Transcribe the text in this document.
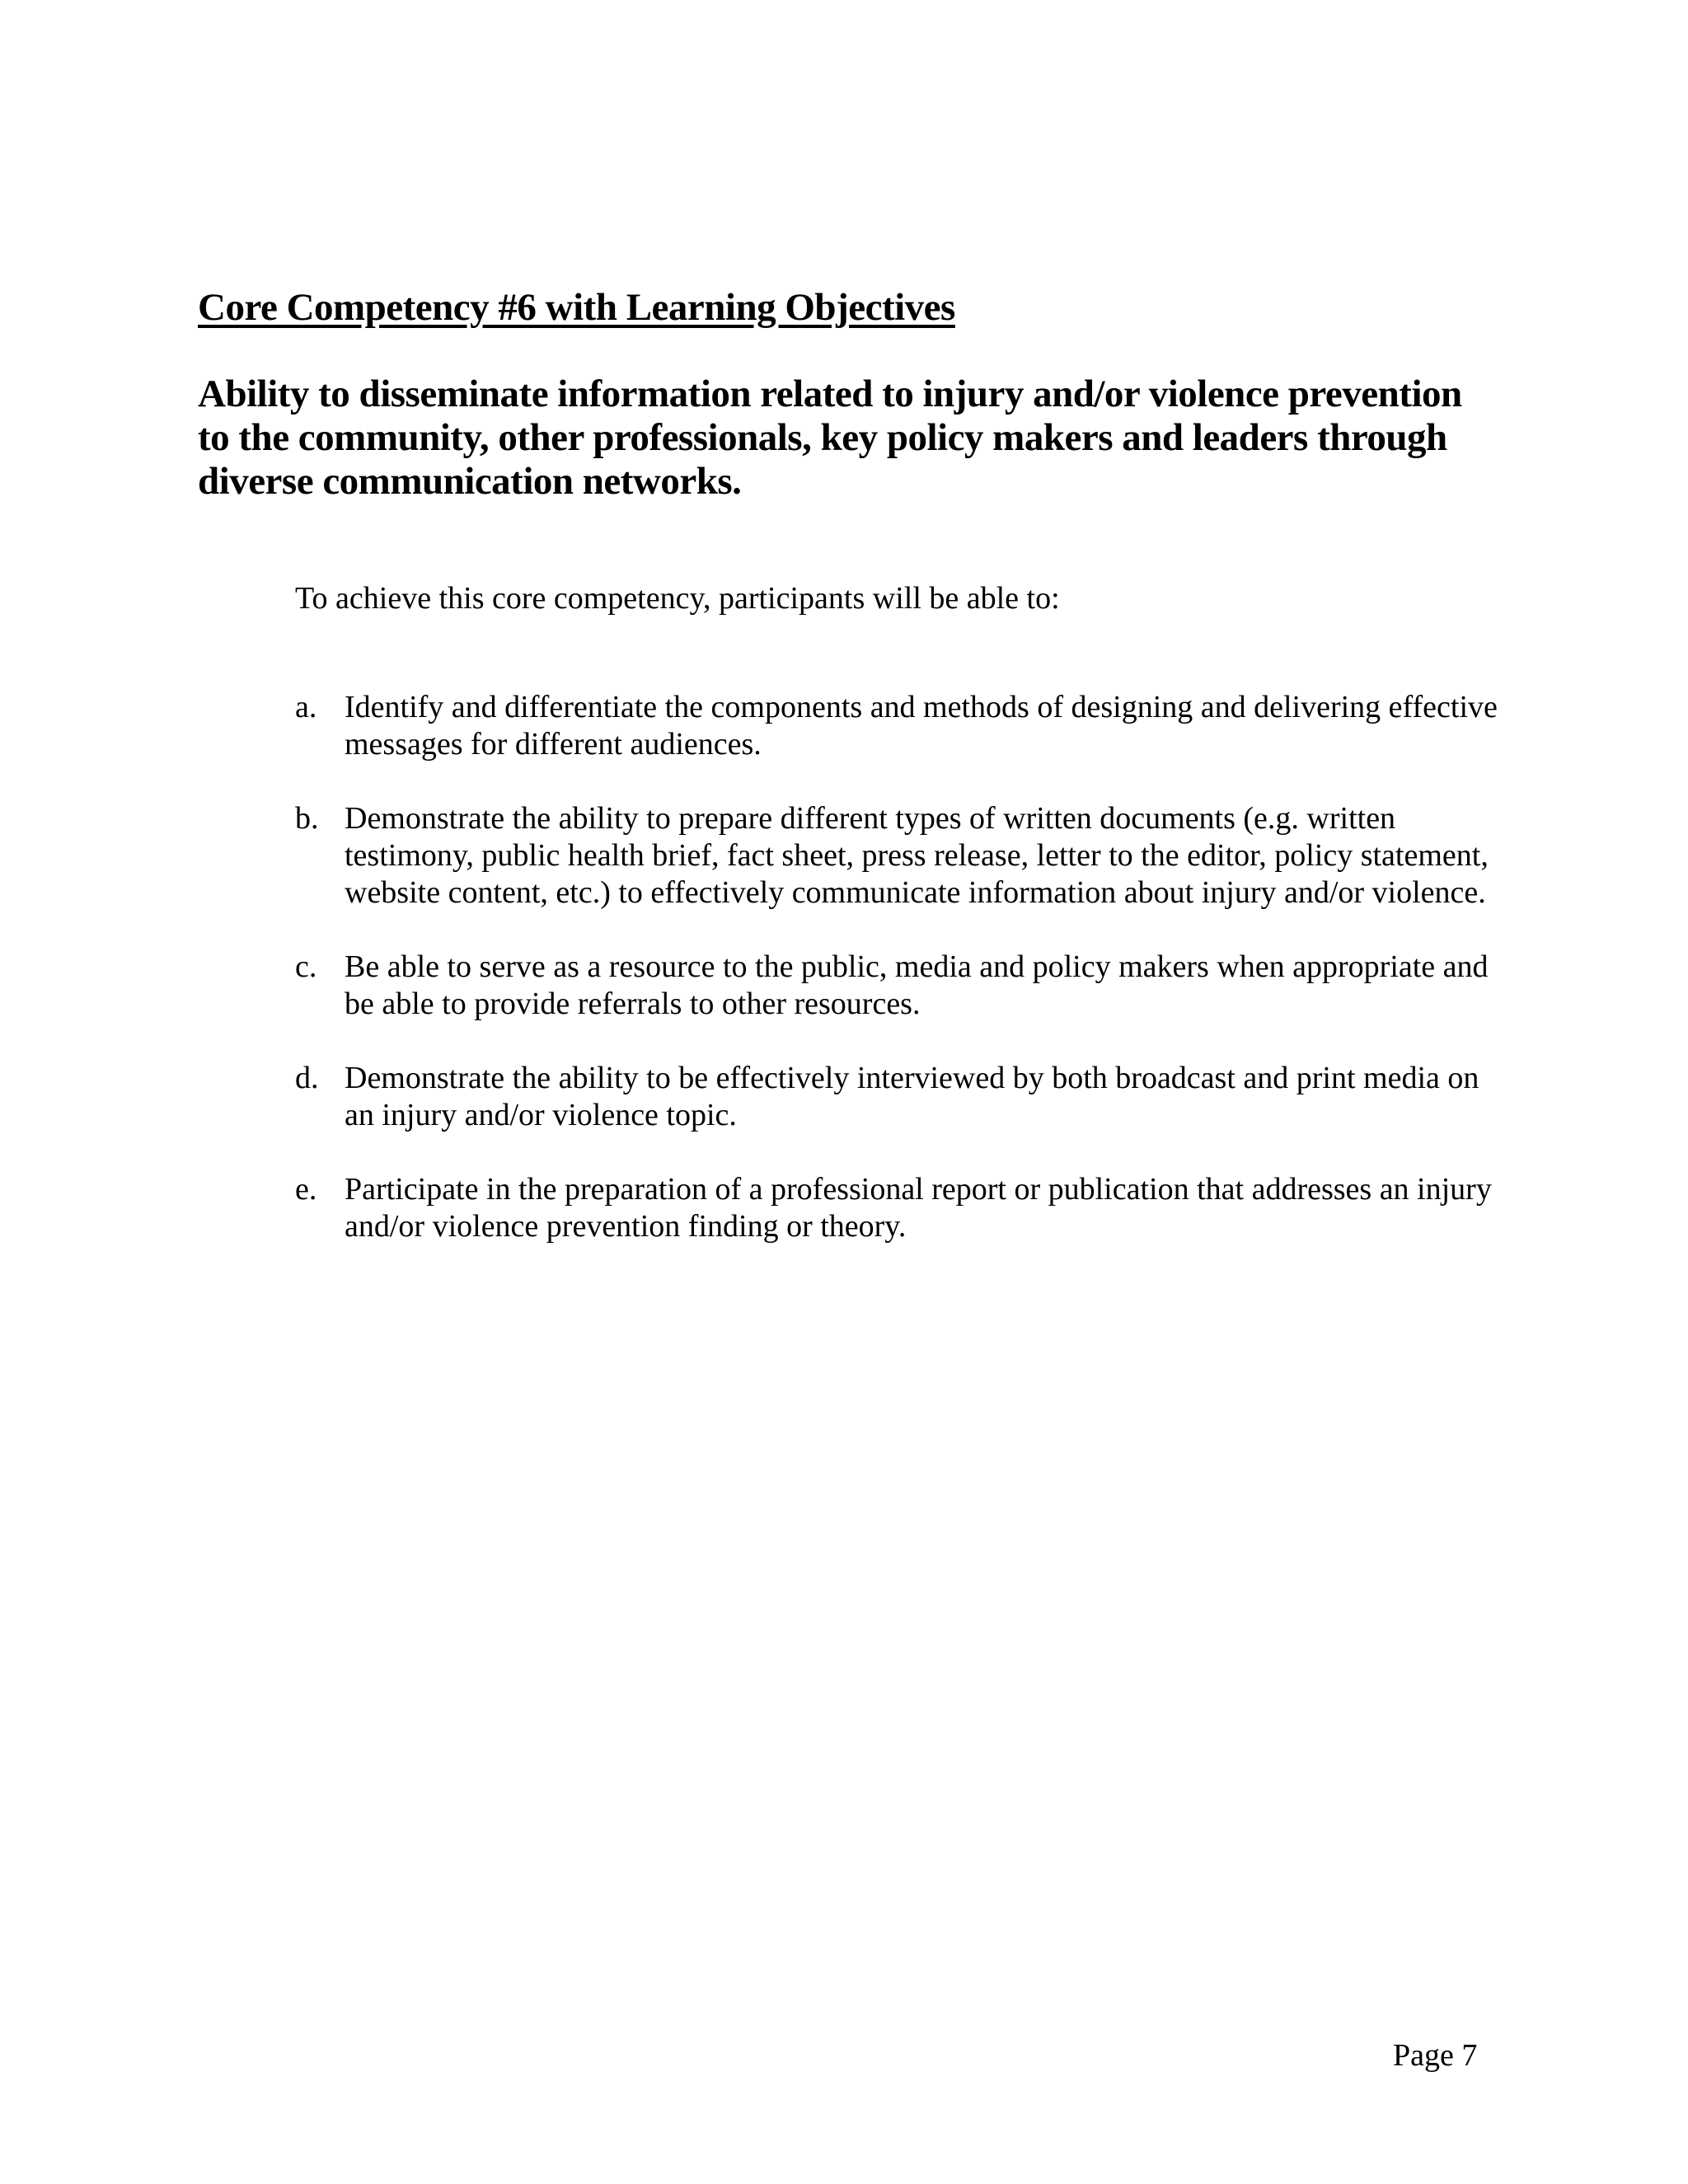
Core Competency #6 with Learning Objectives

Ability to disseminate information related to injury and/or violence prevention to the community, other professionals, key policy makers and leaders through diverse communication networks.

To achieve this core competency, participants will be able to:

a. Identify and differentiate the components and methods of designing and delivering effective messages for different audiences.
b. Demonstrate the ability to prepare different types of written documents (e.g. written testimony, public health brief, fact sheet, press release, letter to the editor, policy statement, website content, etc.) to effectively communicate information about injury and/or violence.
c. Be able to serve as a resource to the public, media and policy makers when appropriate and be able to provide referrals to other resources.
d. Demonstrate the ability to be effectively interviewed by both broadcast and print media on an injury and/or violence topic.
e. Participate in the preparation of a professional report or publication that addresses an injury and/or violence prevention finding or theory.

Page 7
